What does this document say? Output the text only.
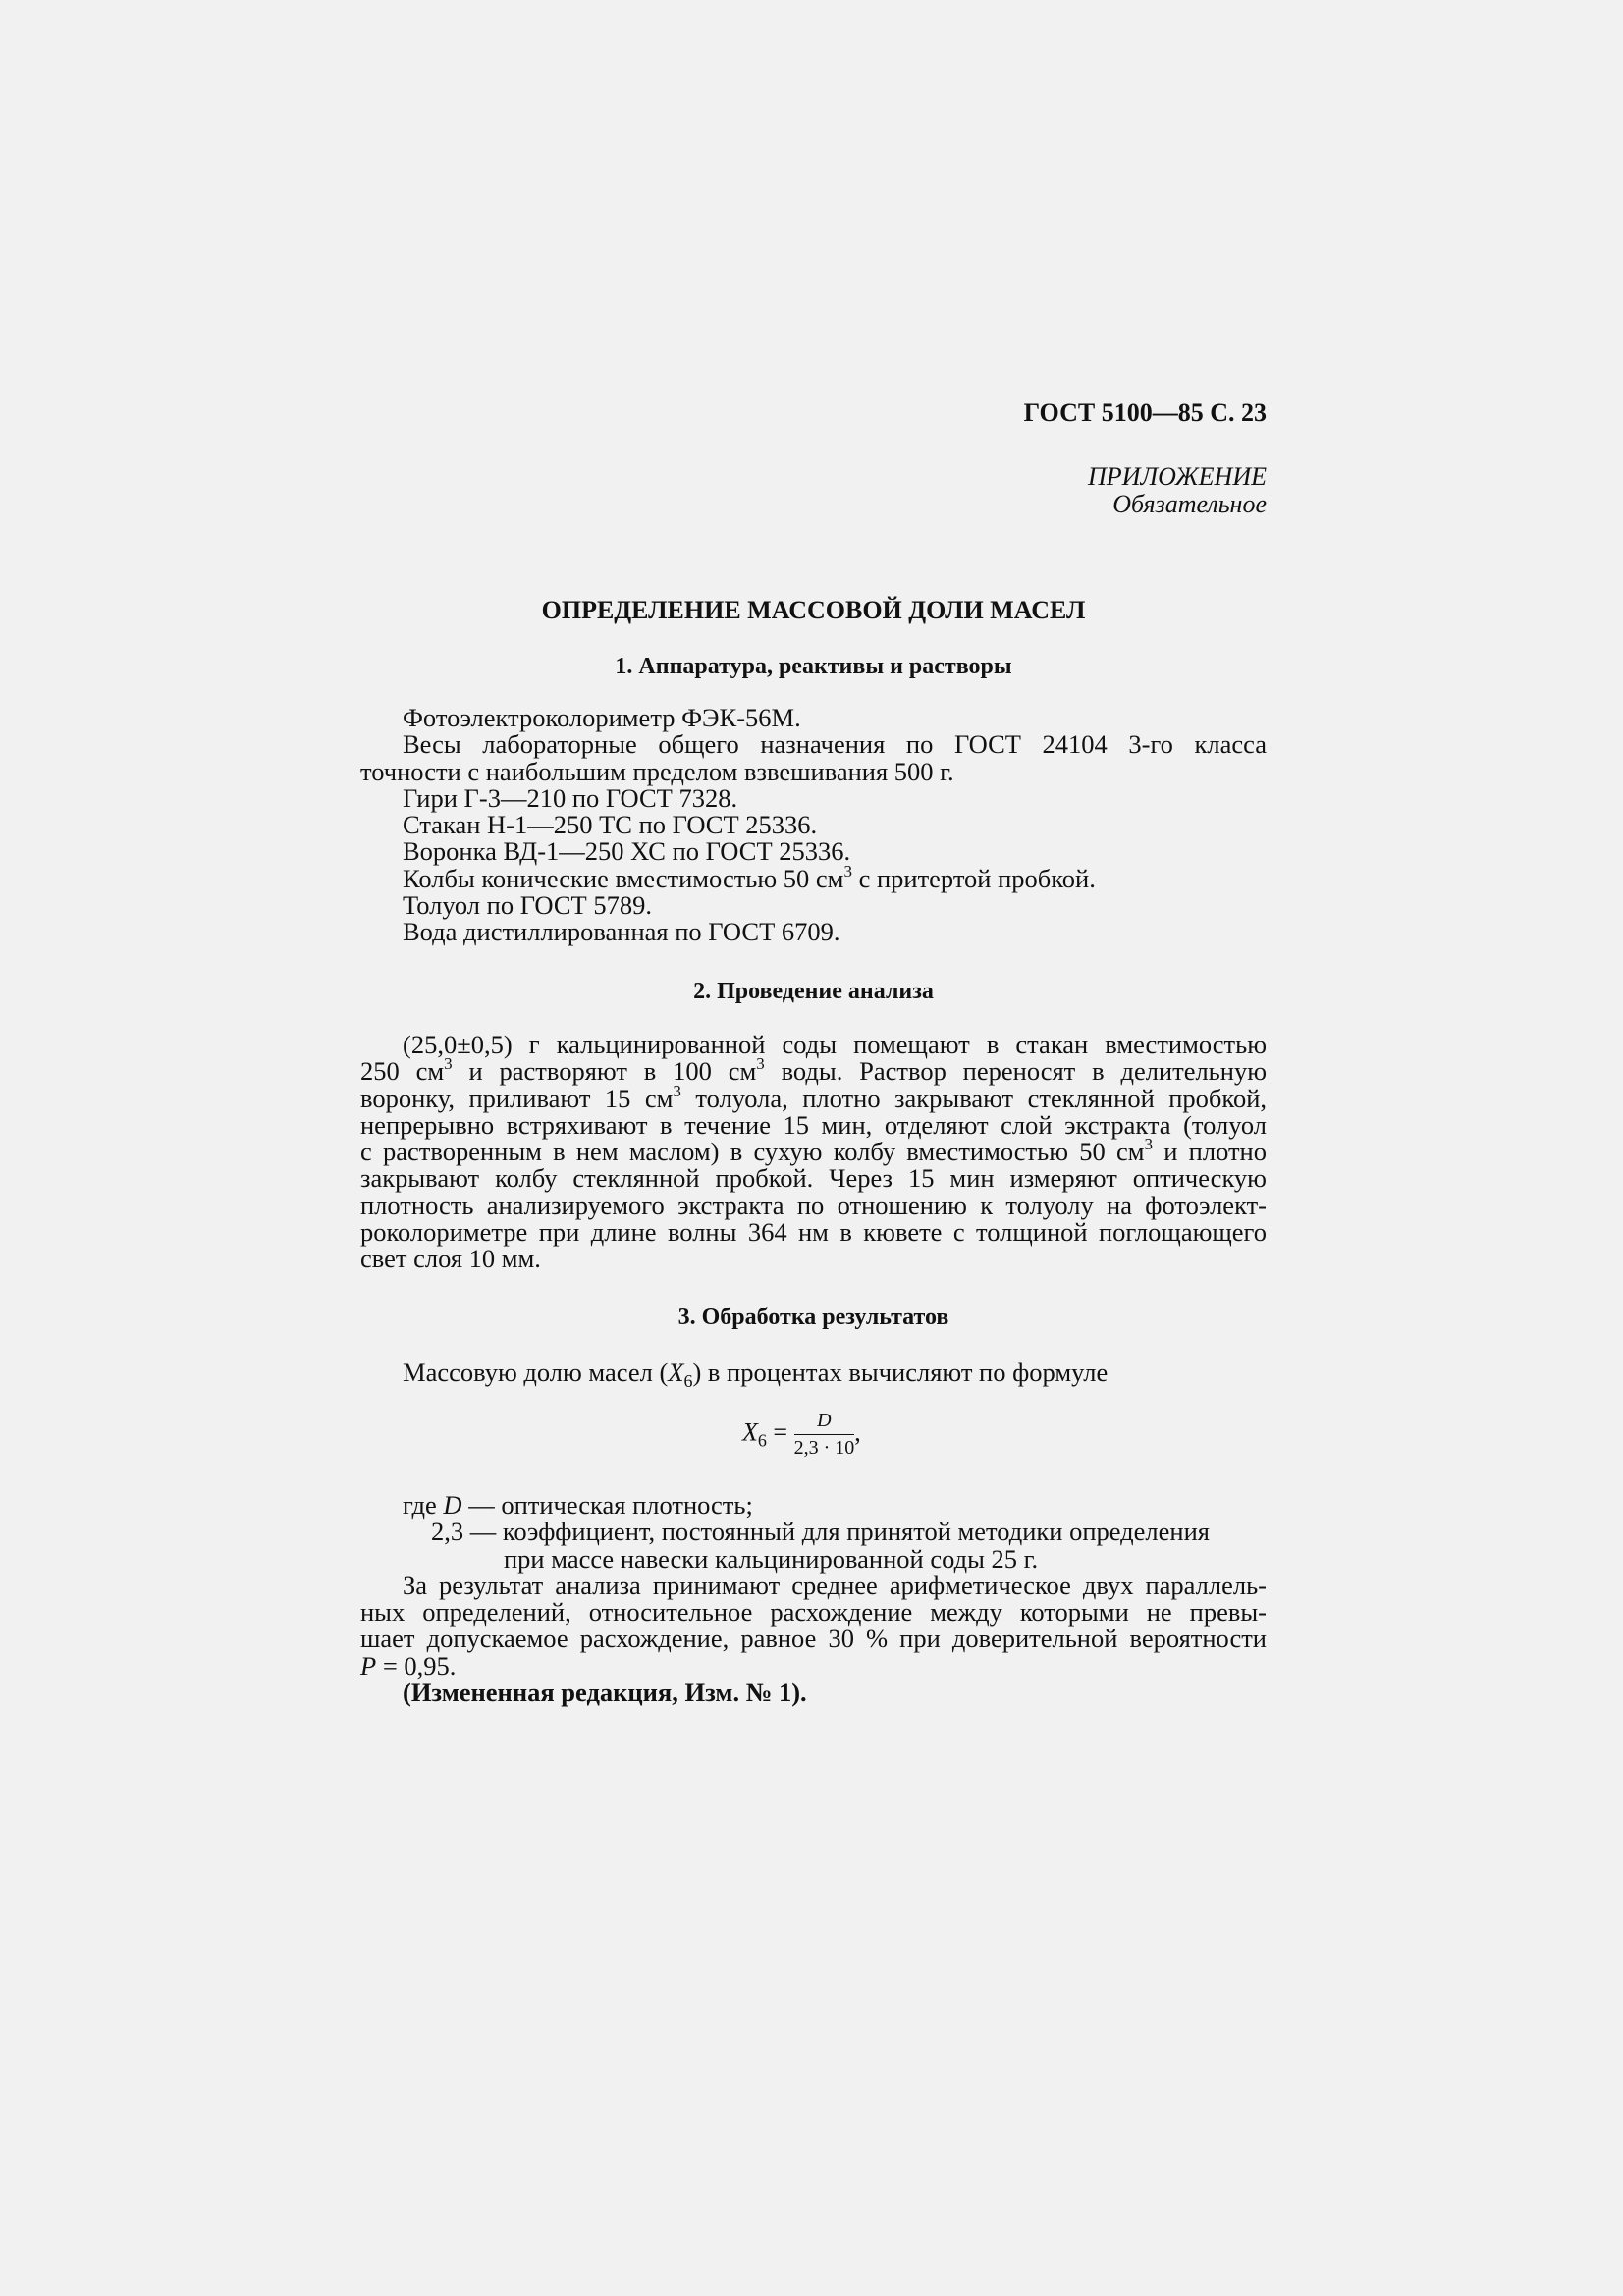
ГОСТ 5100—85 С. 23
ПРИЛОЖЕНИЕ
Обязательное
ОПРЕДЕЛЕНИЕ МАССОВОЙ ДОЛИ МАСЕЛ
1. Аппаратура, реактивы и растворы

Фотоэлектроколориметр ФЭК-56М.

Весы лабораторные общего назначения по ГОСТ 24104 3-го класса

точности с наибольшим пределом взвешивания 500 г.

Гири Г-3—210 по ГОСТ 7328.

Стакан Н-1—250 ТС по ГОСТ 25336.

Воронка ВД-1—250 ХС по ГОСТ 25336.

Колбы конические вместимостью 50 $см^3$ с притертой пробкой.

Толуол по ГОСТ 5789.

Вода дистиллированная по ГОСТ 6709.

2. Проведение анализа

(25,0±0,5) г кальцинированной соды помещают в стакан вместимостью

250 $см^3$ и растворяют в 100 $см^3$ воды. Раствор переносят в делительную

воронку, приливают 15 $см^3$ толуола, плотно закрывают стеклянной пробкой,

непрерывно встряхивают в течение 15 мин, отделяют слой экстракта (толуол

с растворенным в нем маслом) в сухую колбу вместимостью 50 $см^3$ и плотно

закрывают колбу стеклянной пробкой. Через 15 мин измеряют оптическую

плотность анализируемого экстракта по отношению к толуолу на фотоэлект-

роколориметре при длине волны 364 нм в кювете с толщиной поглощающего

свет слоя 10 мм.

3. Обработка результатов
Массовую долю масел $(X_6)$ в процентах вычисляют по формуле
$X_6 = \frac{D}{2,3 \cdot 10}$ ,

где D — оптическая плотность;

2,3 — коэффициент, постоянный для принятой методики определения

при массе навески кальцинированной соды 25 г.

За результат анализа принимают среднее арифметическое двух параллель-

ных определений, относительное расхождение между которыми не превы-

шает допускаемое расхождение, равное 30 % при доверительной вероятности

P = 0,95.

(Измененная редакция, Изм. № 1).
